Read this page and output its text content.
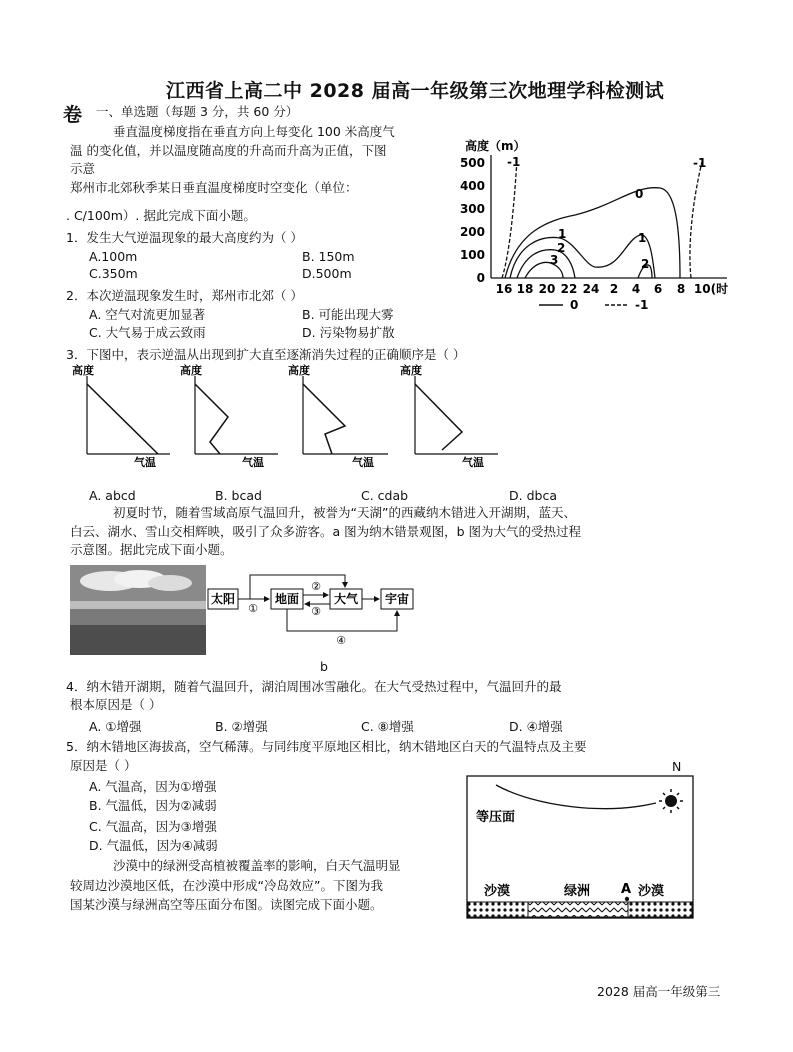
江西省上高二中 2028 届高一年级第三次地理学科检测试
卷 一、单选题（每题 3 分，共 60 分）
垂直温度梯度指在垂直方向上每变化 100 米高度气
温 的变化值，并以温度随高度的升高而升高为正值，下图
示意
郑州市北郊秋季某日垂直温度梯度时空变化（单位：
. C/100m）. 据此完成下面小题。
高度（m）
500
400
300
200
100
0
16 18 20 22 24 2 4 6 8 10(时
-1
0
1
2
3
1
2
-1
0	-1
1．发生大气逆温现象的最大高度约为（ ）
A.100m	B. 150m
C.350m	D.500m
2．本次逆温现象发生时，郑州市北郊（ ）
A. 空气对流更加显著	B. 可能出现大雾
C. 大气易于成云致雨	D. 污染物易扩散
3．下图中，表示逆温从出现到扩大直至逐渐消失过程的正确顺序是（ ）
高度
气温
高度
气温
高度
气温
高度
气温
A. abcd	B. bcad	C. cdab	D. dbca
初夏时节，随着雪域高原气温回升，被誉为“天湖”的西藏纳木错进入开湖期，蓝天、
白云、湖水、雪山交相辉映，吸引了众多游客。a 图为纳木错景观图，b 图为大气的受热过程
示意图。据此完成下面小题。
太阳	地面	大气 宇宙
①
②
③
④
b
4．纳木错开湖期，随着气温回升，湖泊周围冰雪融化。在大气受热过程中，气温回升的最
根本原因是（ ）
A. ①增强	B. ②增强	C. ⑧增强	D. ④增强
5．纳木错地区海拔高，空气稀薄。与同纬度平原地区相比，纳木错地区白天的气温特点及主要
原因是（ ）
A. 气温高，因为①增强
B. 气温低，因为②减弱
C. 气温高，因为③增强
D. 气温低，因为④减弱
沙漠中的绿洲受高植被覆盖率的影响，白天气温明显
较周边沙漠地区低，在沙漠中形成“冷岛效应”。下图为我
国某沙漠与绿洲高空等压面分布图。读图完成下面小题。
N
等压面
沙漠	绿洲 A 沙漠
2028 届高一年级第三
